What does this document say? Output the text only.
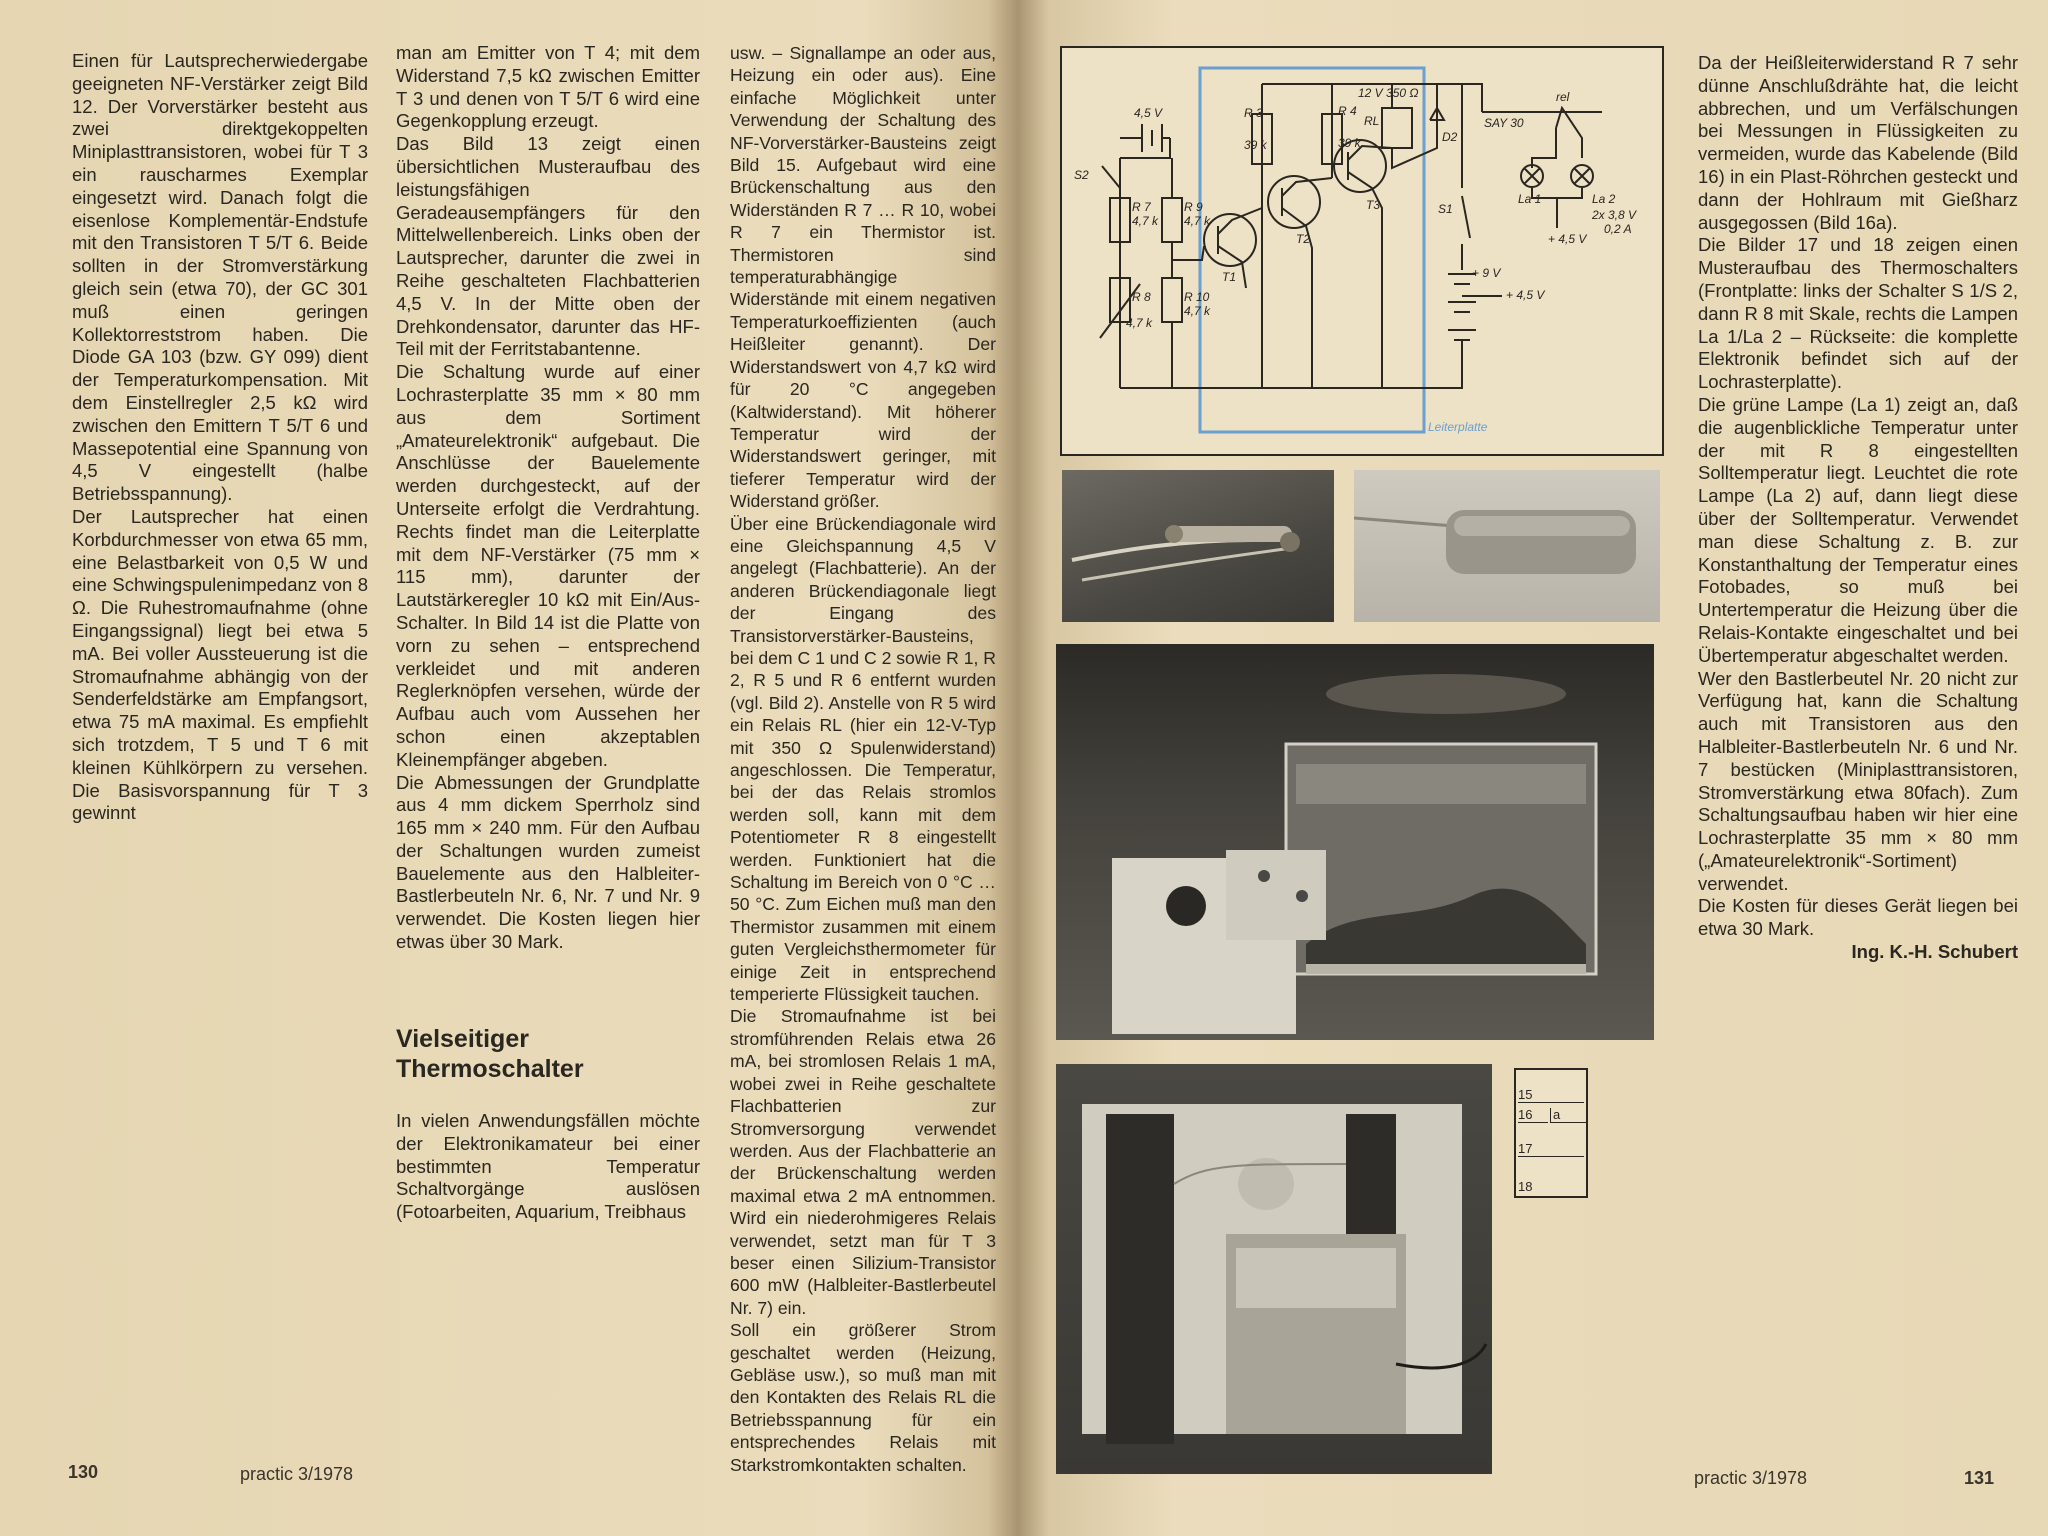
Einen für Lautsprecherwiedergabe geeigneten NF-Verstärker zeigt Bild 12. Der Vorverstärker besteht aus zwei direktgekoppelten Miniplasttransistoren, wobei für T 3 ein rauscharmes Exemplar eingesetzt wird. Danach folgt die eisenlose Komplementär-Endstufe mit den Transistoren T 5/T 6. Beide sollten in der Stromverstärkung gleich sein (etwa 70), der GC 301 muß einen geringen Kollektorreststrom haben. Die Diode GA 103 (bzw. GY 099) dient der Temperaturkompensation. Mit dem Einstellregler 2,5 kΩ wird zwischen den Emittern T 5/T 6 und Massepotential eine Spannung von 4,5 V eingestellt (halbe Betriebsspannung).

Der Lautsprecher hat einen Korbdurchmesser von etwa 65 mm, eine Belastbarkeit von 0,5 W und eine Schwingspulenimpedanz von 8 Ω. Die Ruhestromaufnahme (ohne Eingangssignal) liegt bei etwa 5 mA. Bei voller Aussteuerung ist die Stromaufnahme abhängig von der Senderfeldstärke am Empfangsort, etwa 75 mA maximal. Es empfiehlt sich trotzdem, T 5 und T 6 mit kleinen Kühlkörpern zu versehen. Die Basisvorspannung für T 3 gewinnt

man am Emitter von T 4; mit dem Widerstand 7,5 kΩ zwischen Emitter T 3 und denen von T 5/T 6 wird eine Gegenkopplung erzeugt.

Das Bild 13 zeigt einen übersichtlichen Musteraufbau des leistungsfähigen Geradeausempfängers für den Mittelwellenbereich. Links oben der Lautsprecher, darunter die zwei in Reihe geschalteten Flachbatterien 4,5 V. In der Mitte oben der Drehkondensator, darunter das HF-Teil mit der Ferritstabantenne.

Die Schaltung wurde auf einer Lochrasterplatte 35 mm × 80 mm aus dem Sortiment „Amateurelektronik“ aufgebaut. Die Anschlüsse der Bauelemente werden durchgesteckt, auf der Unterseite erfolgt die Verdrahtung. Rechts findet man die Leiterplatte mit dem NF-Verstärker (75 mm × 115 mm), darunter der Lautstärkeregler 10 kΩ mit Ein/Aus-Schalter. In Bild 14 ist die Platte von vorn zu sehen – entsprechend verkleidet und mit anderen Reglerknöpfen versehen, würde der Aufbau auch vom Aussehen her schon einen akzeptablen Kleinempfänger abgeben.

Die Abmessungen der Grundplatte aus 4 mm dickem Sperrholz sind 165 mm × 240 mm. Für den Aufbau der Schaltungen wurden zumeist Bauelemente aus den Halbleiter-Bastlerbeuteln Nr. 6, Nr. 7 und Nr. 9 verwendet. Die Kosten liegen hier etwas über 30 Mark.

Vielseitiger
Thermoschalter

In vielen Anwendungsfällen möchte der Elektronikamateur bei einer bestimmten Temperatur Schaltvorgänge auslösen (Fotoarbeiten, Aquarium, Treibhaus

usw. – Signallampe an oder aus, Heizung ein oder aus). Eine einfache Möglichkeit unter Verwendung der Schaltung des NF-Vorverstärker-Bausteins zeigt Bild 15. Aufgebaut wird eine Brückenschaltung aus den Widerständen R 7 … R 10, wobei R 7 ein Thermistor ist. Thermistoren sind temperaturabhängige Widerstände mit einem negativen Temperaturkoeffizienten (auch Heißleiter genannt). Der Widerstandswert von 4,7 kΩ wird für 20 °C angegeben (Kaltwiderstand). Mit höherer Temperatur wird der Widerstandswert geringer, mit tieferer Temperatur wird der Widerstand größer.

Über eine Brückendiagonale wird eine Gleichspannung 4,5 V angelegt (Flachbatterie). An der anderen Brückendiagonale liegt der Eingang des Transistorverstärker-Bausteins, bei dem C 1 und C 2 sowie R 1, R 2, R 5 und R 6 entfernt wurden (vgl. Bild 2). Anstelle von R 5 wird ein Relais RL (hier ein 12-V-Typ mit 350 Ω Spulenwiderstand) angeschlossen. Die Temperatur, bei der das Relais stromlos werden soll, kann mit dem Potentiometer R 8 eingestellt werden. Funktioniert hat die Schaltung im Bereich von 0 °C … 50 °C. Zum Eichen muß man den Thermistor zusammen mit einem guten Vergleichsthermometer für einige Zeit in entsprechend temperierte Flüssigkeit tauchen.

Die Stromaufnahme ist bei stromführenden Relais etwa 26 mA, bei stromlosen Relais 1 mA, wobei zwei in Reihe geschaltete Flachbatterien zur Stromversorgung verwendet werden. Aus der Flachbatterie an der Brückenschaltung werden maximal etwa 2 mA entnommen. Wird ein niederohmigeres Relais verwendet, setzt man für T 3 beser einen Silizium-Transistor 600 mW (Halbleiter-Bastlerbeutel Nr. 7) ein.

Soll ein größerer Strom geschaltet werden (Heizung, Gebläse usw.), so muß man mit den Kontakten des Relais RL die Betriebsspannung für ein entsprechendes Relais mit Starkstromkontakten schalten.

130	practic 3/1978

Da der Heißleiterwiderstand R 7 sehr dünne Anschlußdrähte hat, die leicht abbrechen, und um Verfälschungen bei Messungen in Flüssigkeiten zu vermeiden, wurde das Kabelende (Bild 16) in ein Plast-Röhrchen gesteckt und dann der Hohlraum mit Gießharz ausgegossen (Bild 16a).

Die Bilder 17 und 18 zeigen einen Musteraufbau des Thermoschalters (Frontplatte: links der Schalter S 1/S 2, dann R 8 mit Skale, rechts die Lampen La 1/La 2 – Rückseite: die komplette Elektronik befindet sich auf der Lochrasterplatte).

Die grüne Lampe (La 1) zeigt an, daß die augenblickliche Temperatur unter der mit R 8 eingestellten Solltemperatur liegt. Leuchtet die rote Lampe (La 2) auf, dann liegt diese über der Solltemperatur. Verwendet man diese Schaltung z. B. zur Konstanthaltung der Temperatur eines Fotobades, so muß bei Untertemperatur die Heizung über die Relais-Kontakte eingeschaltet und bei Übertemperatur abgeschaltet werden.

Wer den Bastlerbeutel Nr. 20 nicht zur Verfügung hat, kann die Schaltung auch mit Transistoren aus den Halbleiter-Bastlerbeuteln Nr. 6 und Nr. 7 bestücken (Miniplasttransistoren, Stromverstärkung etwa 80fach). Zum Schaltungsaufbau haben wir hier eine Lochrasterplatte 35 mm × 80 mm („Amateurelektronik“-Sortiment) verwendet.

Die Kosten für dieses Gerät liegen bei etwa 30 Mark.

Ing. K.-H. Schubert

practic 3/1978	131
R 3
39 k
R 4
39 k
12 V 350 Ω
RL
D2
SAY 30
rel
La 1	La 2
2x 3,8 V
0,2 A
+ 4,5 V
4,5 V
S2
S1
R 7
4,7 k
R 9
4,7 k
R 8
4,7 k
R 10
4,7 k
T1
T2
T3
+ 9 V
+ 4,5 V
Leiterplatte
15
16	a
17
18
